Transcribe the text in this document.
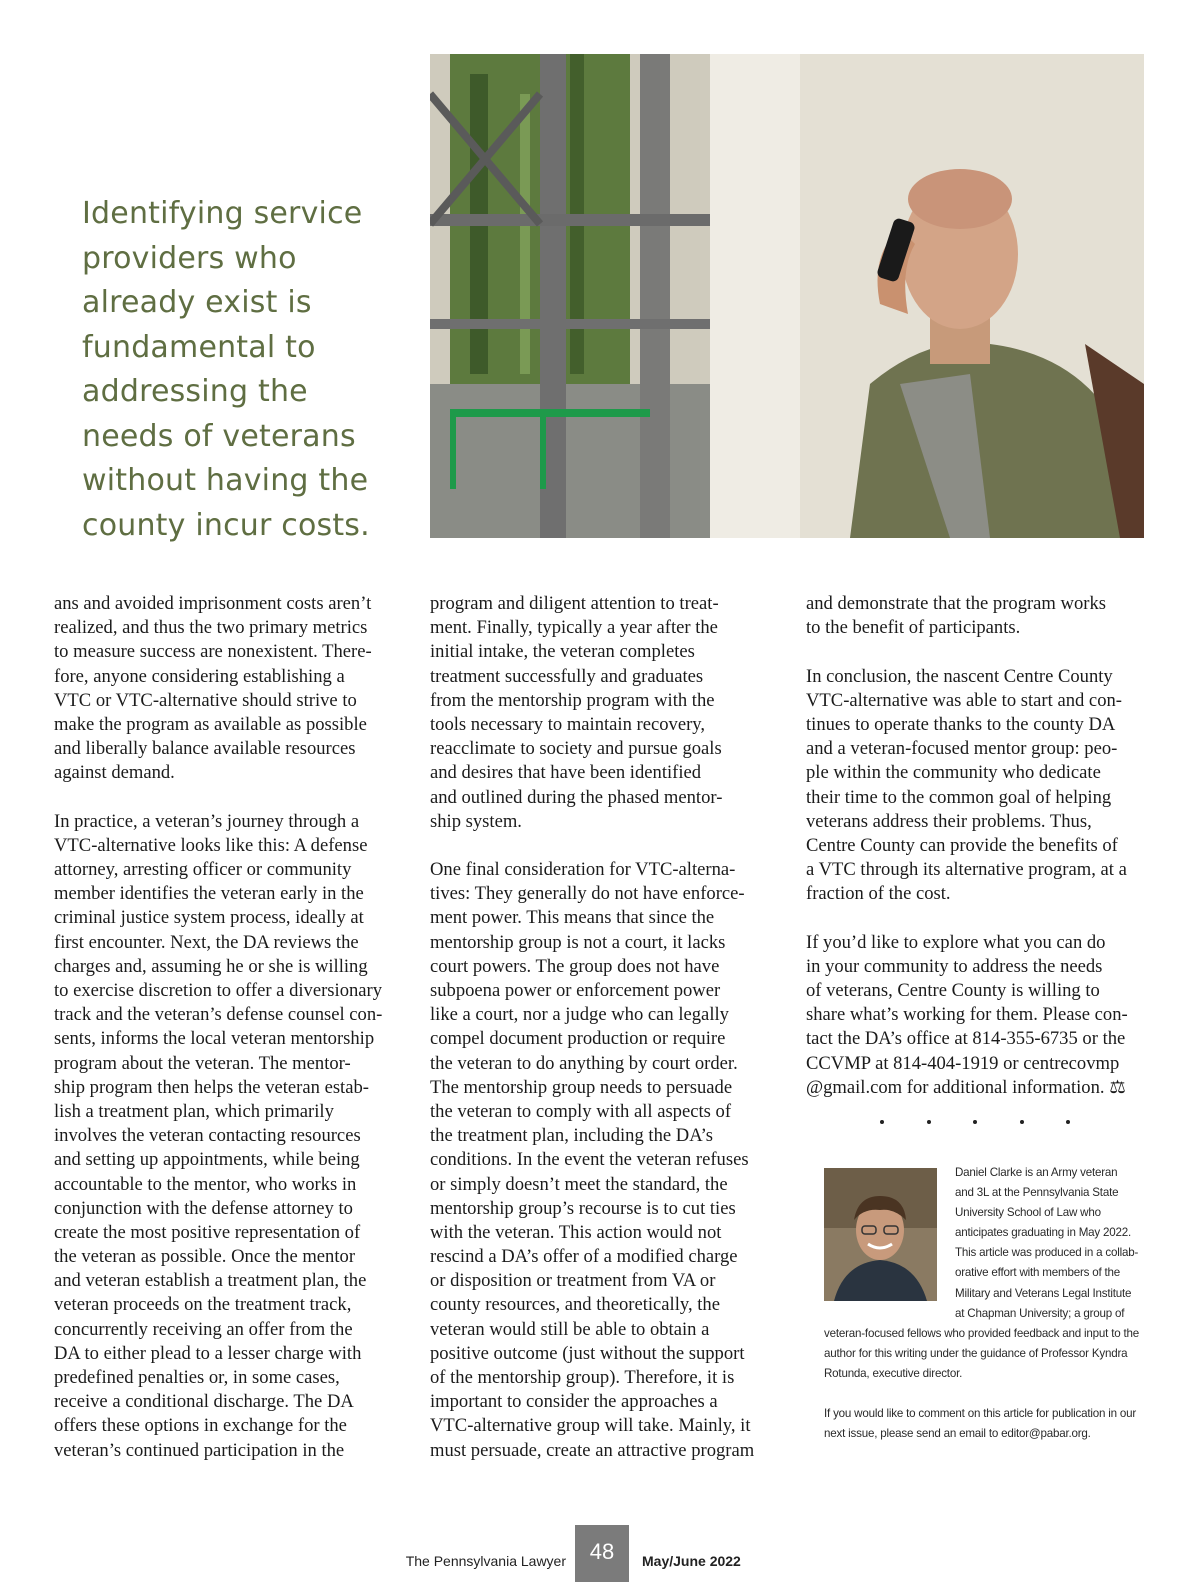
Identifying service
providers who
already exist is
fundamental to
addressing the
needs of veterans
without having the
county incur costs.
ans and avoided imprisonment costs aren’t
realized, and thus the two primary metrics
to measure success are nonexistent. There-
fore, anyone considering establishing a
VTC or VTC-alternative should strive to
make the program as available as possible
and liberally balance available resources
against demand.
In practice, a veteran’s journey through a
VTC-alternative looks like this: A defense
attorney, arresting officer or community
member identifies the veteran early in the
criminal justice system process, ideally at
first encounter. Next, the DA reviews the
charges and, assuming he or she is willing
to exercise discretion to offer a diversionary
track and the veteran’s defense counsel con-
sents, informs the local veteran mentorship
program about the veteran. The mentor-
ship program then helps the veteran estab-
lish a treatment plan, which primarily
involves the veteran contacting resources
and setting up appointments, while being
accountable to the mentor, who works in
conjunction with the defense attorney to
create the most positive representation of
the veteran as possible. Once the mentor
and veteran establish a treatment plan, the
veteran proceeds on the treatment track,
concurrently receiving an offer from the
DA to either plead to a lesser charge with
predefined penalties or, in some cases,
receive a conditional discharge. The DA
offers these options in exchange for the
veteran’s continued participation in the
program and diligent attention to treat-
ment. Finally, typically a year after the
initial intake, the veteran completes
treatment successfully and graduates
from the mentorship program with the
tools necessary to maintain recovery,
reacclimate to society and pursue goals
and desires that have been identified
and outlined during the phased mentor-
ship system.
One final consideration for VTC-alterna-
tives: They generally do not have enforce-
ment power. This means that since the
mentorship group is not a court, it lacks
court powers. The group does not have
subpoena power or enforcement power
like a court, nor a judge who can legally
compel document production or require
the veteran to do anything by court order.
The mentorship group needs to persuade
the veteran to comply with all aspects of
the treatment plan, including the DA’s
conditions. In the event the veteran refuses
or simply doesn’t meet the standard, the
mentorship group’s recourse is to cut ties
with the veteran. This action would not
rescind a DA’s offer of a modified charge
or disposition or treatment from VA or
county resources, and theoretically, the
veteran would still be able to obtain a
positive outcome (just without the support
of the mentorship group). Therefore, it is
important to consider the approaches a
VTC-alternative group will take. Mainly, it
must persuade, create an attractive program
and demonstrate that the program works
to the benefit of participants.
In conclusion, the nascent Centre County
VTC-alternative was able to start and con-
tinues to operate thanks to the county DA
and a veteran-focused mentor group: peo-
ple within the community who dedicate
their time to the common goal of helping
veterans address their problems. Thus,
Centre County can provide the benefits of
a VTC through its alternative program, at a
fraction of the cost.
If you’d like to explore what you can do
in your community to address the needs
of veterans, Centre County is willing to
share what’s working for them. Please con-
tact the DA’s office at 814-355-6735 or the
CCVMP at 814-404-1919 or centrecovmp
@gmail.com for additional information. ⚖
Daniel Clarke is an Army veteran
and 3L at the Pennsylvania State
University School of Law who
anticipates graduating in May 2022.
This article was produced in a collab-
orative effort with members of the
Military and Veterans Legal Institute
at Chapman University; a group of
veteran-focused fellows who provided feedback and input to the
author for this writing under the guidance of Professor Kyndra
Rotunda, executive director.
If you would like to comment on this article for publication in our
next issue, please send an email to editor@pabar.org.
The Pennsylvania Lawyer	48	May/June 2022
